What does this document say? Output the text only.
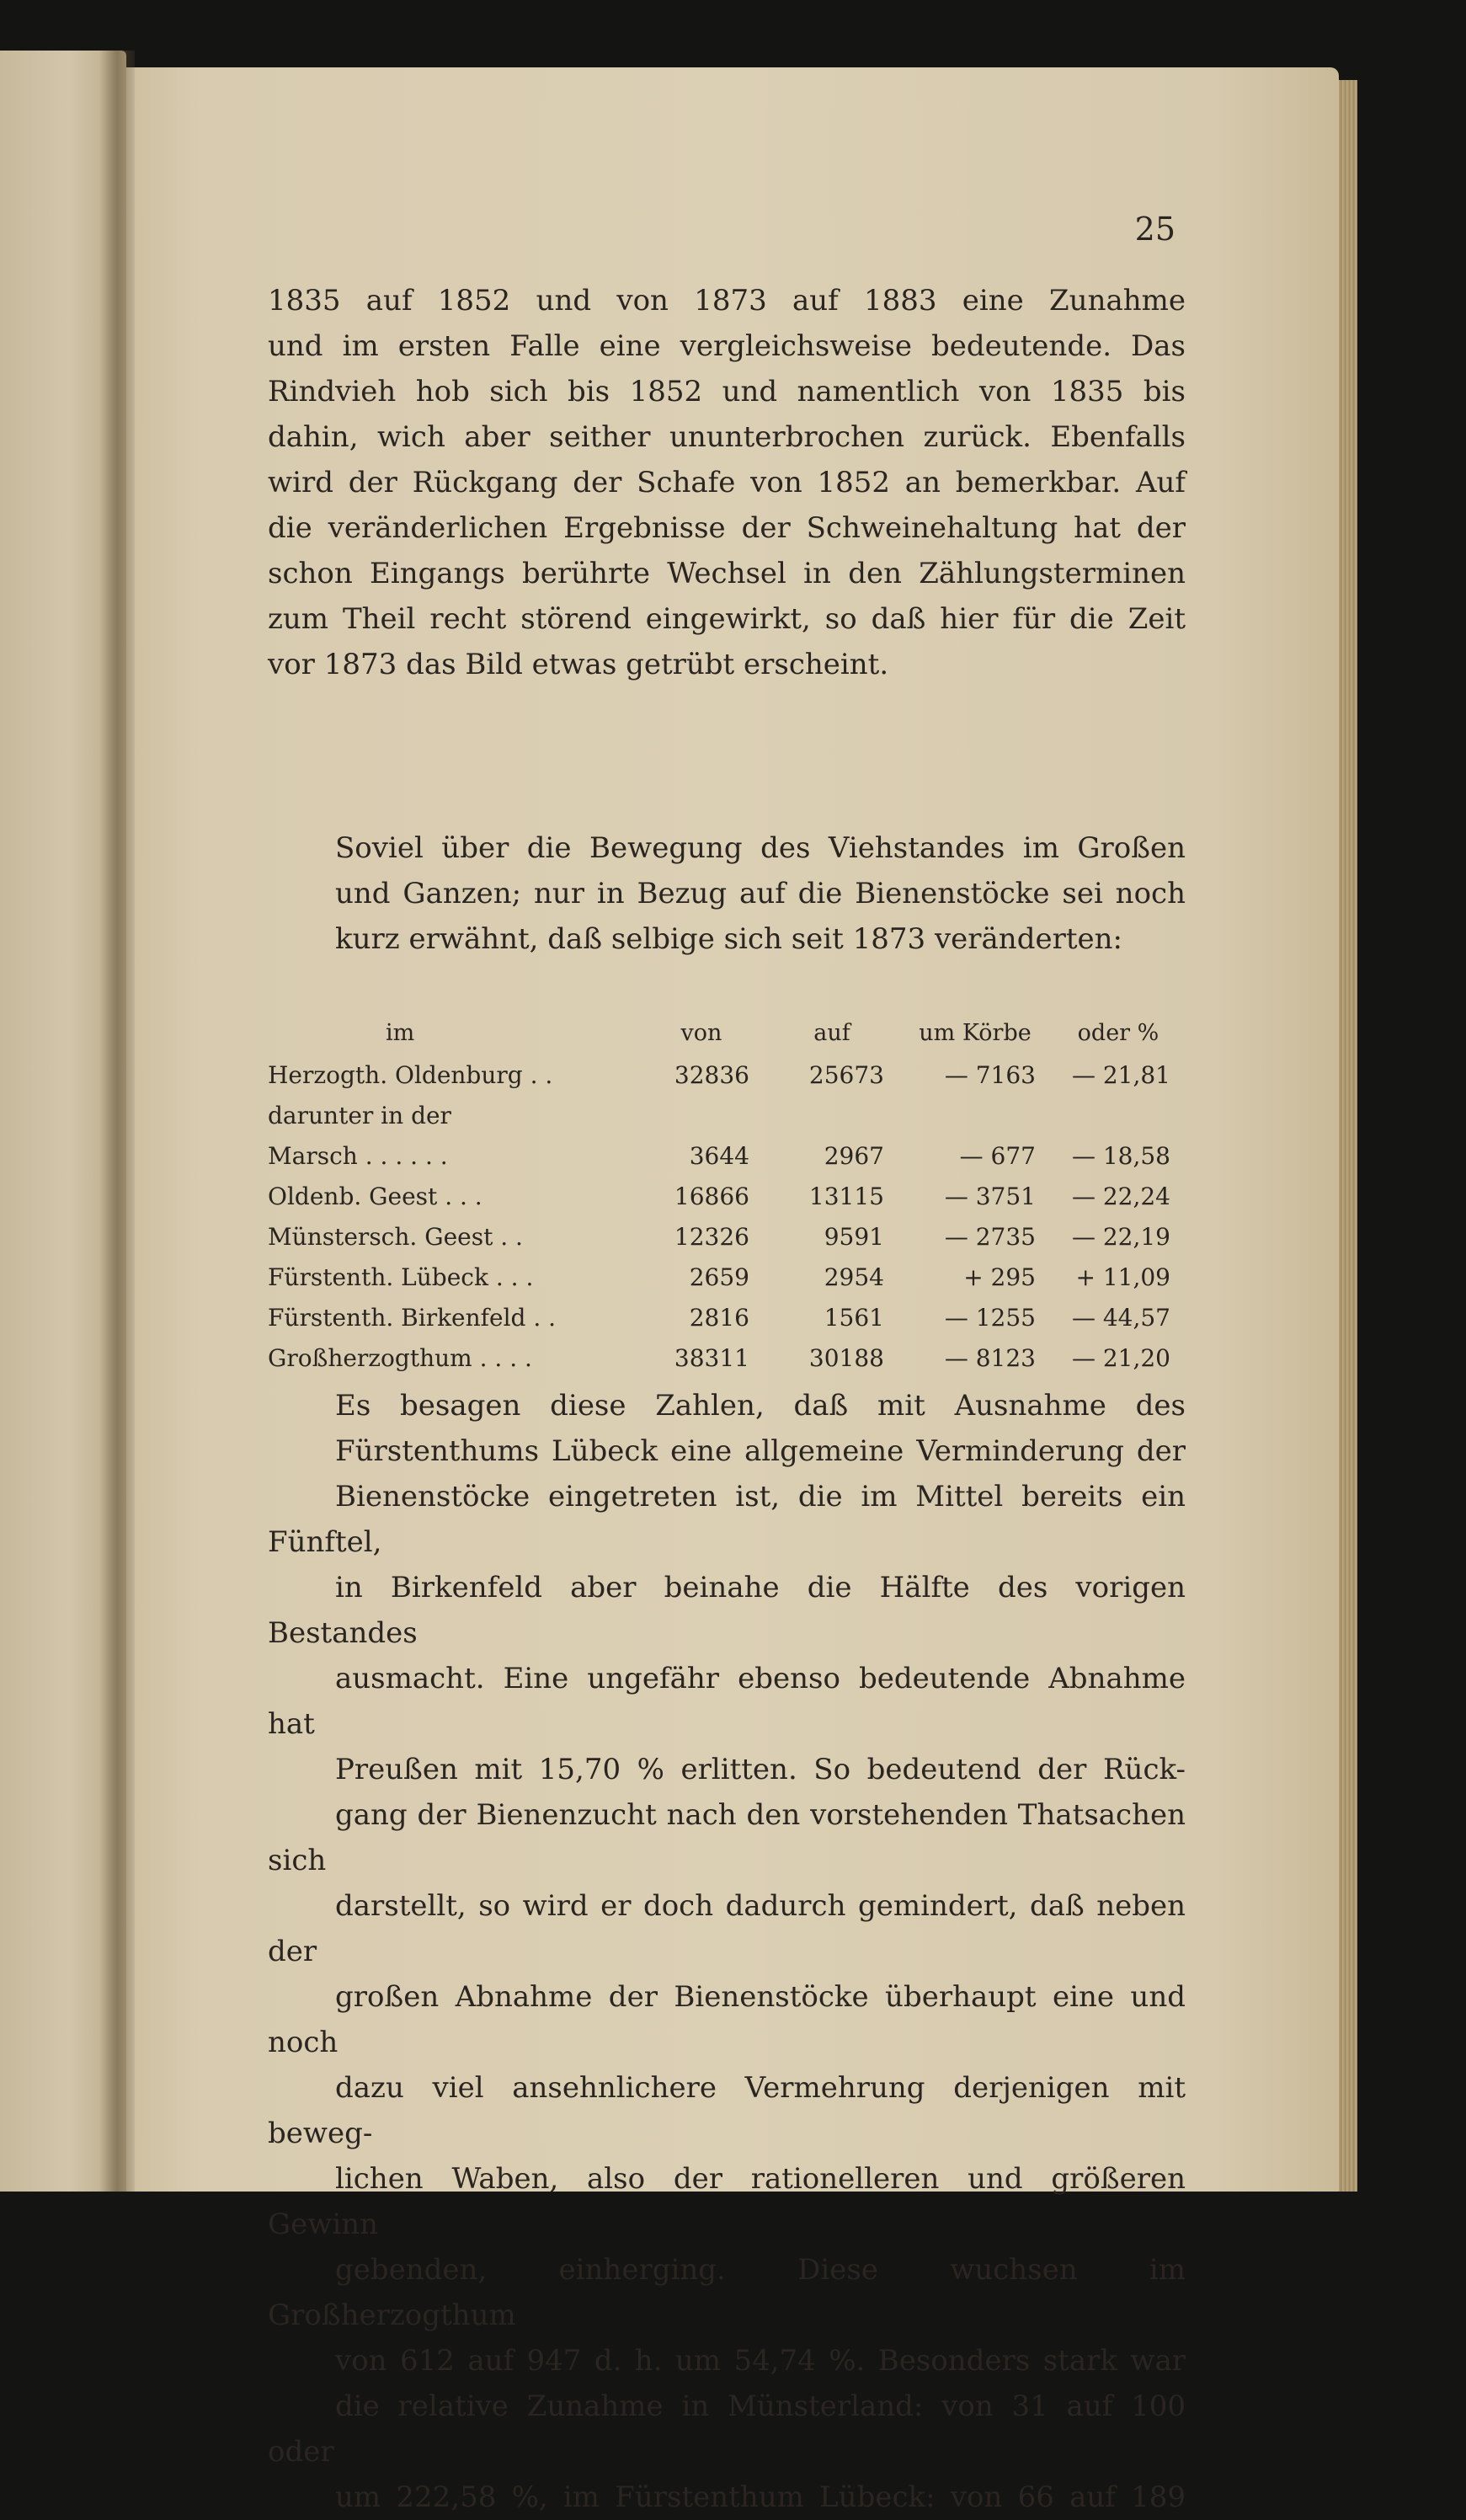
25

1835 auf 1852 und von 1873 auf 1883 eine Zunahme
und im ersten Falle eine vergleichsweise bedeutende. Das
Rindvieh hob sich bis 1852 und namentlich von 1835 bis
dahin, wich aber seither ununterbrochen zurück. Ebenfalls
wird der Rückgang der Schafe von 1852 an bemerkbar. Auf
die veränderlichen Ergebnisse der Schweinehaltung hat der
schon Eingangs berührte Wechsel in den Zählungsterminen
zum Theil recht störend eingewirkt, so daß hier für die Zeit
vor 1873 das Bild etwas getrübt erscheint.

Soviel über die Bewegung des Viehstandes im Großen
und Ganzen; nur in Bezug auf die Bienenstöcke sei noch
kurz erwähnt, daß selbige sich seit 1873 veränderten:

im	von	auf	um Körbe	oder %
Herzogth. Oldenburg . .	32836	25673	— 7163	— 21,81
darunter in der				
Marsch . . . . . .	3644	2967	— 677	— 18,58
Oldenb. Geest . . .	16866	13115	— 3751	— 22,24
Münstersch. Geest . .	12326	9591	— 2735	— 22,19
Fürstenth. Lübeck . . .	2659	2954	+ 295	+ 11,09
Fürstenth. Birkenfeld . .	2816	1561	— 1255	— 44,57
Großherzogthum . . . .	38311	30188	— 8123	— 21,20

Es besagen diese Zahlen, daß mit Ausnahme des
Fürstenthums Lübeck eine allgemeine Verminderung der
Bienenstöcke eingetreten ist, die im Mittel bereits ein Fünftel,
in Birkenfeld aber beinahe die Hälfte des vorigen Bestandes
ausmacht. Eine ungefähr ebenso bedeutende Abnahme hat
Preußen mit 15,70 % erlitten. So bedeutend der Rück-
gang der Bienenzucht nach den vorstehenden Thatsachen sich
darstellt, so wird er doch dadurch gemindert, daß neben der
großen Abnahme der Bienenstöcke überhaupt eine und noch
dazu viel ansehnlichere Vermehrung derjenigen mit beweg-
lichen Waben, also der rationelleren und größeren Gewinn
gebenden, einherging. Diese wuchsen im Großherzogthum
von 612 auf 947 d. h. um 54,74 %. Besonders stark war
die relative Zunahme in Münsterland: von 31 auf 100 oder
um 222,58 %, im Fürstenthum Lübeck: von 66 auf 189
